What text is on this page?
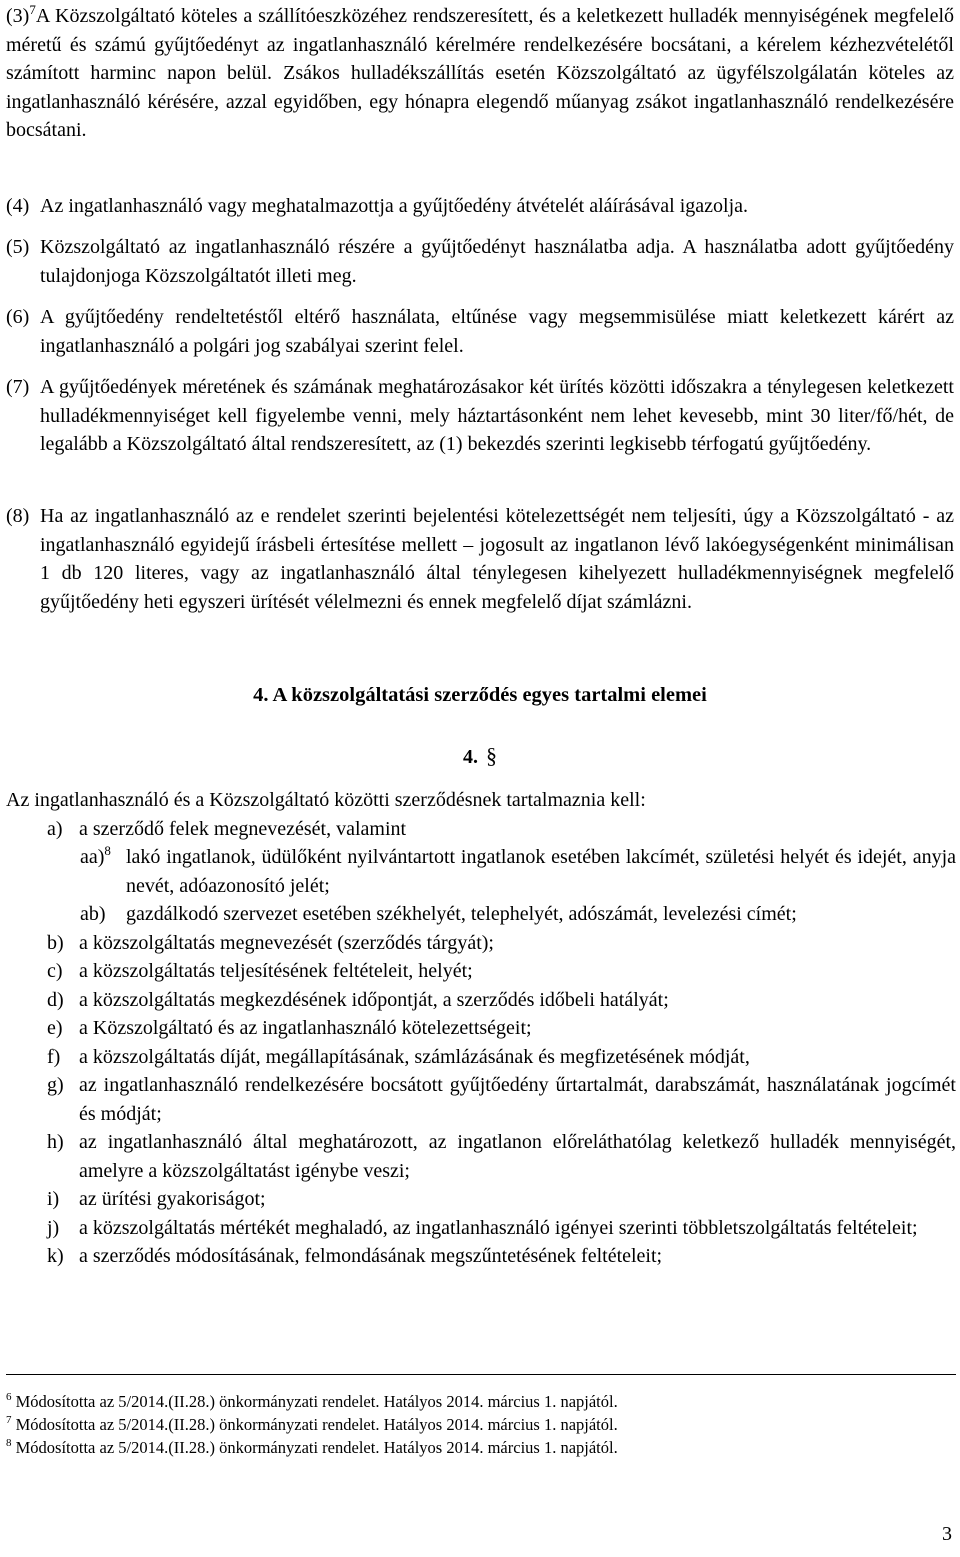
$(3)^7A$ Közszolgáltató köteles a szállítóeszközéhez rendszeresített, és a keletkezett hulladék mennyiségének megfelelő méretű és számú gyűjtőedényt az ingatlanhasználó kérelmére rendelkezésére bocsátani, a kérelem kézhezvételétől számított harminc napon belül. Zsákos hulladékszállítás esetén Közszolgáltató az ügyfélszolgálatán köteles az ingatlanhasználó kérésére, azzal egyidőben, egy hónapra elegendő műanyag zsákot ingatlanhasználó rendelkezésére bocsátani.

(4) Az ingatlanhasználó vagy meghatalmazottja a gyűjtőedény átvételét aláírásával igazolja.
(5) Közszolgáltató az ingatlanhasználó részére a gyűjtőedényt használatba adja. A használatba adott gyűjtőedény tulajdonjoga Közszolgáltatót illeti meg.
(6) A gyűjtőedény rendeltetéstől eltérő használata, eltűnése vagy megsemmisülése miatt keletkezett kárért az ingatlanhasználó a polgári jog szabályai szerint felel.
(7) A gyűjtőedények méretének és számának meghatározásakor két ürítés közötti időszakra a ténylegesen keletkezett hulladékmennyiséget kell figyelembe venni, mely háztartásonként nem lehet kevesebb, mint 30 liter/fő/hét, de legalább a Közszolgáltató által rendszeresített, az (1) bekezdés szerinti legkisebb térfogatú gyűjtőedény.
(8) Ha az ingatlanhasználó az e rendelet szerinti bejelentési kötelezettségét nem teljesíti, úgy a Közszolgáltató - az ingatlanhasználó egyidejű írásbeli értesítése mellett – jogosult az ingatlanon lévő lakóegységenként minimálisan 1 db 120 literes, vagy az ingatlanhasználó által ténylegesen kihelyezett hulladékmennyiségnek megfelelő gyűjtőedény heti egyszeri ürítését vélelmezni és ennek megfelelő díjat számlázni.
4. A közszolgáltatási szerződés egyes tartalmi elemei
4. §
Az ingatlanhasználó és a Közszolgáltató közötti szerződésnek tartalmaznia kell:
a) a szerződő felek megnevezését, valamint
aa)$^8$ lakó ingatlanok, üdülőként nyilvántartott ingatlanok esetében lakcímét, születési helyét és idejét, anyja nevét, adóazonosító jelét;
ab)	gazdálkodó szervezet esetében székhelyét, telephelyét, adószámát, levelezési címét;
b) a közszolgáltatás megnevezését (szerződés tárgyát);
c) a közszolgáltatás teljesítésének feltételeit, helyét;
d) a közszolgáltatás megkezdésének időpontját, a szerződés időbeli hatályát;
e) a Közszolgáltató és az ingatlanhasználó kötelezettségeit;
f) a közszolgáltatás díját, megállapításának, számlázásának és megfizetésének módját,
g) az ingatlanhasználó rendelkezésére bocsátott gyűjtőedény űrtartalmát, darabszámát, használatának jogcímét és módját;
h) az ingatlanhasználó által meghatározott, az ingatlanon előreláthatólag keletkező hulladék mennyiségét, amelyre a közszolgáltatást igénybe veszi;
i) az ürítési gyakoriságot;
j) a közszolgáltatás mértékét meghaladó, az ingatlanhasználó igényei szerinti többletszolgáltatás feltételeit;
k) a szerződés módosításának, felmondásának megszűntetésének feltételeit;
$^6$ Módosította az 5/2014.(II.28.) önkormányzati rendelet. Hatályos 2014. március 1. napjától.
$^7$ Módosította az 5/2014.(II.28.) önkormányzati rendelet. Hatályos 2014. március 1. napjától.
$^8$ Módosította az 5/2014.(II.28.) önkormányzati rendelet. Hatályos 2014. március 1. napjától.
3
